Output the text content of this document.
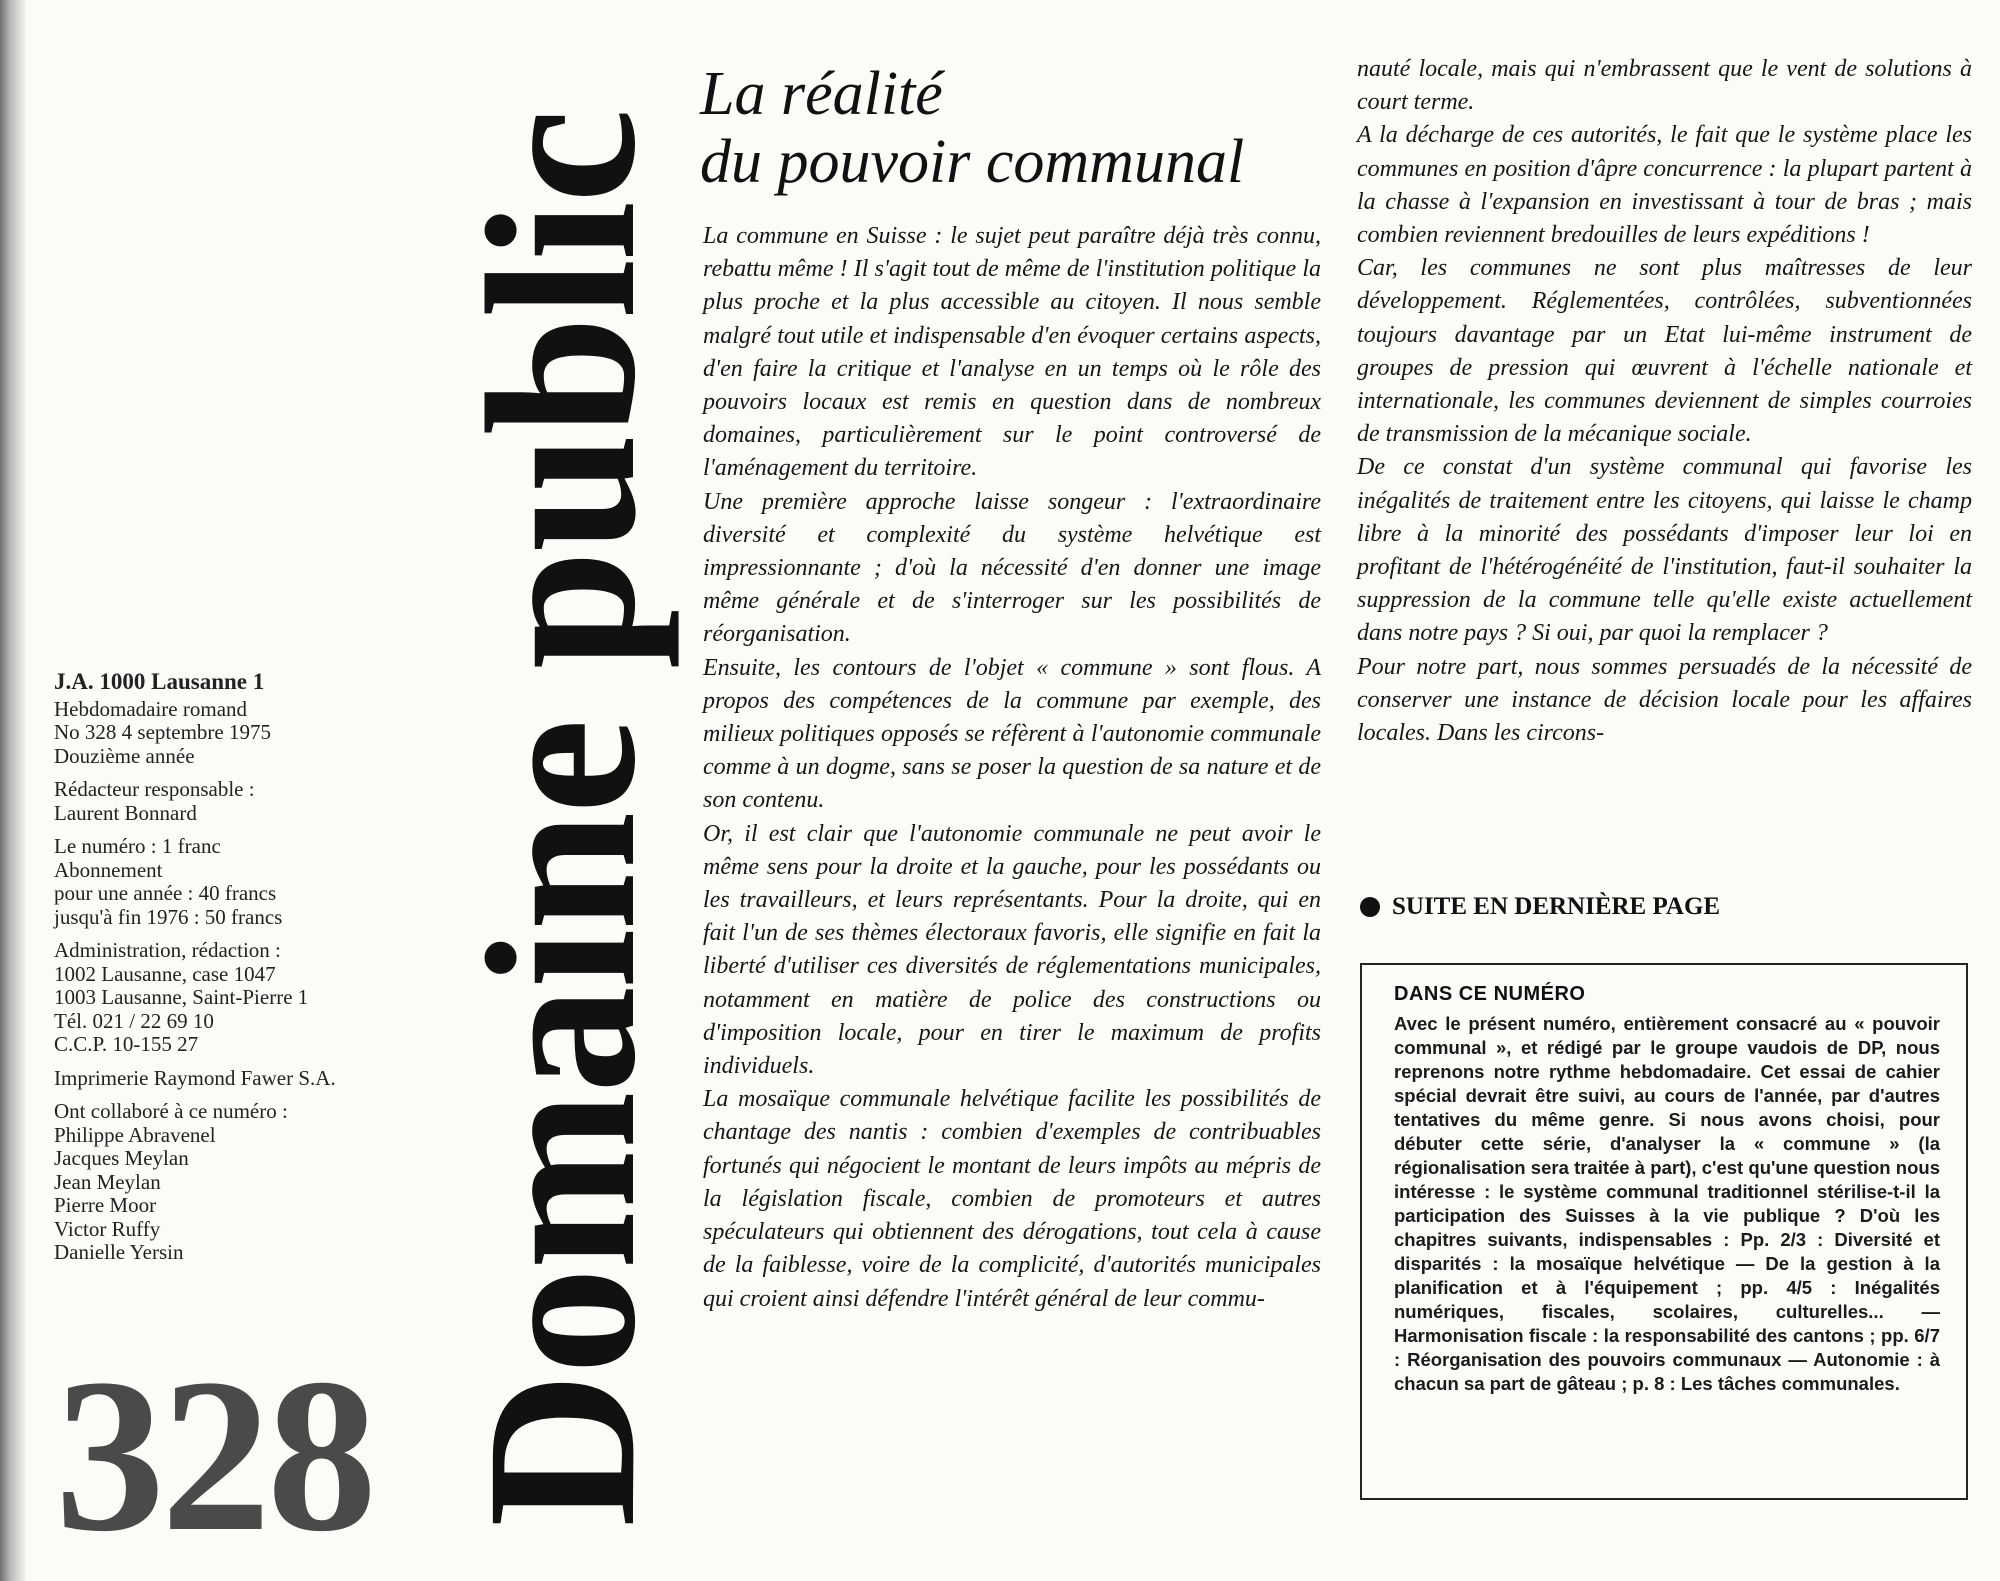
J.A. 1000 Lausanne 1

Hebdomadaire romand

No 328 4 septembre 1975

Douzième année

Rédacteur responsable :

Laurent Bonnard

Le numéro : 1 franc

Abonnement

pour une année : 40 francs

jusqu'à fin 1976 : 50 francs

Administration, rédaction :

1002 Lausanne, case 1047

1003 Lausanne, Saint-Pierre 1

Tél. 021 / 22 69 10

C.C.P. 10-155 27

Imprimerie Raymond Fawer S.A.

Ont collaboré à ce numéro :

Philippe Abravenel

Jacques Meylan

Jean Meylan

Pierre Moor

Victor Ruffy

Danielle Yersin

328 Domaine public
La réalité
du pouvoir communal

La commune en Suisse : le sujet peut paraître déjà très connu, rebattu même ! Il s'agit tout de même de l'institution politique la plus proche et la plus accessible au citoyen. Il nous semble malgré tout utile et indispensable d'en évoquer certains aspects, d'en faire la critique et l'analyse en un temps où le rôle des pouvoirs locaux est remis en question dans de nombreux domaines, particulièrement sur le point controversé de l'aménagement du territoire.

Une première approche laisse songeur : l'extraordinaire diversité et complexité du système helvétique est impressionnante ; d'où la nécessité d'en donner une image même générale et de s'interroger sur les possibilités de réorganisation.

Ensuite, les contours de l'objet « commune » sont flous. A propos des compétences de la commune par exemple, des milieux politiques opposés se réfèrent à l'autonomie communale comme à un dogme, sans se poser la question de sa nature et de son contenu.

Or, il est clair que l'autonomie communale ne peut avoir le même sens pour la droite et la gauche, pour les possédants ou les travailleurs, et leurs représentants. Pour la droite, qui en fait l'un de ses thèmes électoraux favoris, elle signifie en fait la liberté d'utiliser ces diversités de réglementations municipales, notamment en matière de police des constructions ou d'imposition locale, pour en tirer le maximum de profits individuels.

La mosaïque communale helvétique facilite les possibilités de chantage des nantis : combien d'exemples de contribuables fortunés qui négocient le montant de leurs impôts au mépris de la législation fiscale, combien de promoteurs et autres spéculateurs qui obtiennent des dérogations, tout cela à cause de la faiblesse, voire de la complicité, d'autorités municipales qui croient ainsi défendre l'intérêt général de leur commu-

nauté locale, mais qui n'embrassent que le vent de solutions à court terme.

A la décharge de ces autorités, le fait que le système place les communes en position d'âpre concurrence : la plupart partent à la chasse à l'expansion en investissant à tour de bras ; mais combien reviennent bredouilles de leurs expéditions !

Car, les communes ne sont plus maîtresses de leur développement. Réglementées, contrôlées, subventionnées toujours davantage par un Etat lui-même instrument de groupes de pression qui œuvrent à l'échelle nationale et internationale, les communes deviennent de simples courroies de transmission de la mécanique sociale.

De ce constat d'un système communal qui favorise les inégalités de traitement entre les citoyens, qui laisse le champ libre à la minorité des possédants d'imposer leur loi en profitant de l'hétérogénéité de l'institution, faut-il souhaiter la suppression de la commune telle qu'elle existe actuellement dans notre pays ? Si oui, par quoi la remplacer ?

Pour notre part, nous sommes persuadés de la nécessité de conserver une instance de décision locale pour les affaires locales. Dans les circons-

SUITE EN DERNIÈRE PAGE
DANS CE NUMÉRO

Avec le présent numéro, entièrement consacré au « pouvoir communal », et rédigé par le groupe vaudois de DP, nous reprenons notre rythme hebdomadaire. Cet essai de cahier spécial devrait être suivi, au cours de l'année, par d'autres tentatives du même genre. Si nous avons choisi, pour débuter cette série, d'analyser la « commune » (la régionalisation sera traitée à part), c'est qu'une question nous intéresse : le système communal traditionnel stérilise-t-il la participation des Suisses à la vie publique ? D'où les chapitres suivants, indispensables : Pp. 2/3 : Diversité et disparités : la mosaïque helvétique — De la gestion à la planification et à l'équipement ; pp. 4/5 : Inégalités numériques, fiscales, scolaires, culturelles... — Harmonisation fiscale : la responsabilité des cantons ; pp. 6/7 : Réorganisation des pouvoirs communaux — Autonomie : à chacun sa part de gâteau ; p. 8 : Les tâches communales.
